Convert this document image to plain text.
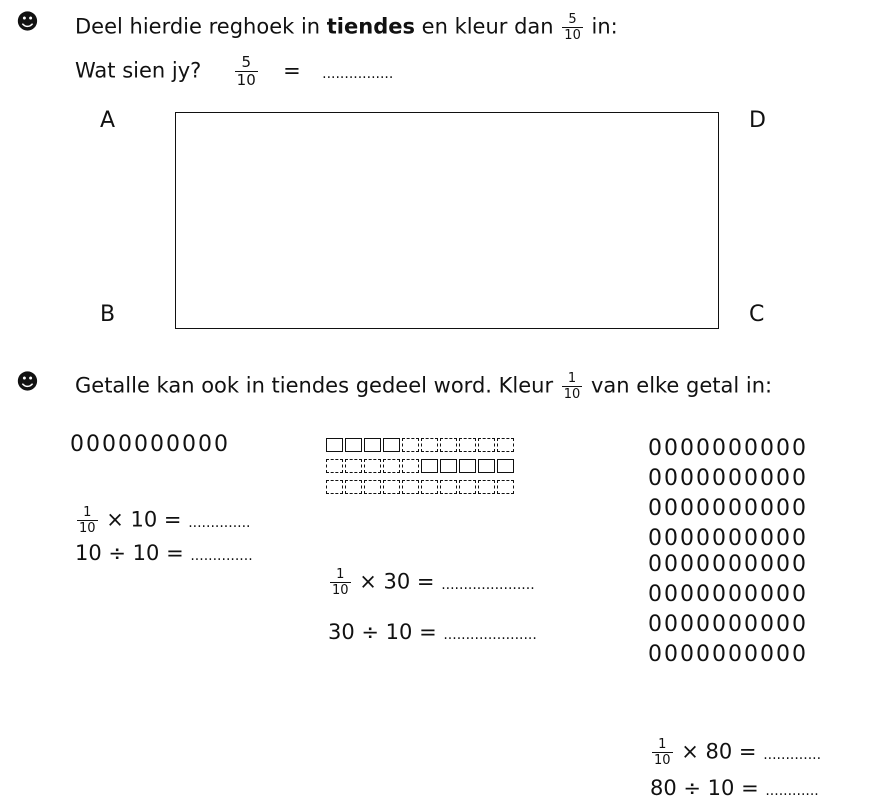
☻ Deel hierdie reghoek in tiendes en kleur dan $\frac{5}{10}$ in:
Wat sien jy? $\frac{5}{10}$ = ................
A	D
B	C
☻ Getalle kan ook in tiendes gedeel word. Kleur $\frac{1}{10}$ van elke getal in:
0000000000
$\frac{1}{10} \times 10$ = ..............
10 ÷ 10 = ..............
$\frac{1}{10} \times 30$ = .....................
30 ÷ 10 = .....................
0000000000
0000000000
0000000000
0000000000
0000000000
0000000000
0000000000
0000000000
$\frac{1}{10} \times 80$ = .............
80 ÷ 10 = ............
